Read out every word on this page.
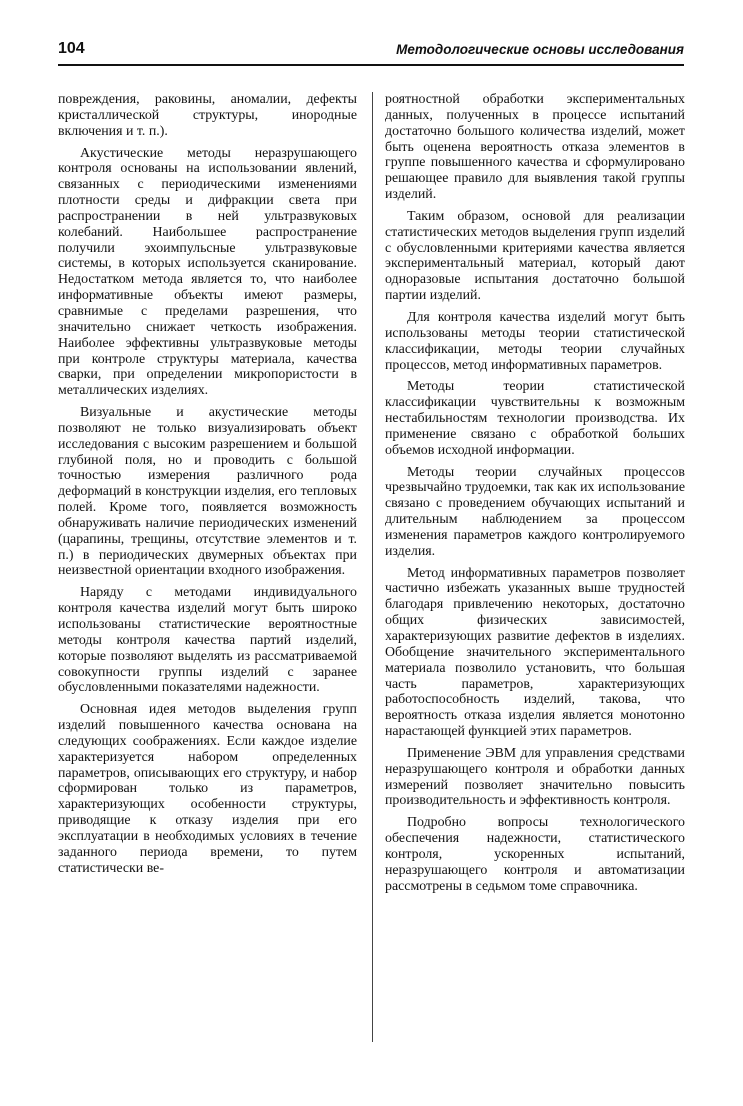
104	Методологические основы исследования

повреждения, раковины, аномалии, дефекты кристаллической структуры, инородные включения и т. п.).

Акустические методы неразрушающего контроля основаны на использовании явлений, связанных с периодическими изменениями плотности среды и дифракции света при распространении в ней ультразвуковых колебаний. Наибольшее распространение получили эхоимпульсные ультразвуковые системы, в которых используется сканирование. Недостатком метода является то, что наиболее информативные объекты имеют размеры, сравнимые с пределами разрешения, что значительно снижает четкость изображения. Наиболее эффективны ультразвуковые методы при контроле структуры материала, качества сварки, при определении микропористости в металлических изделиях.

Визуальные и акустические методы позволяют не только визуализировать объект исследования с высоким разрешением и большой глубиной поля, но и проводить с большой точностью измерения различного рода деформаций в конструкции изделия, его тепловых полей. Кроме того, появляется возможность обнаруживать наличие периодических изменений (царапины, трещины, отсутствие элементов и т. п.) в периодических двумерных объектах при неизвестной ориентации входного изображения.

Наряду с методами индивидуального контроля качества изделий могут быть широко использованы статистические вероятностные методы контроля качества партий изделий, которые позволяют выделять из рассматриваемой совокупности группы изделий с заранее обусловленными показателями надежности.

Основная идея методов выделения групп изделий повышенного качества основана на следующих соображениях. Если каждое изделие характеризуется набором определенных параметров, описывающих его структуру, и набор сформирован только из параметров, характеризующих особенности структуры, приводящие к отказу изделия при его эксплуатации в необходимых условиях в течение заданного периода времени, то путем статистически ве-

роятностной обработки экспериментальных данных, полученных в процессе испытаний достаточно большого количества изделий, может быть оценена вероятность отказа элементов в группе повышенного качества и сформулировано решающее правило для выявления такой группы изделий.

Таким образом, основой для реализации статистических методов выделения групп изделий с обусловленными критериями качества является экспериментальный материал, который дают одноразовые испытания достаточно большой партии изделий.

Для контроля качества изделий могут быть использованы методы теории статистической классификации, методы теории случайных процессов, метод информативных параметров.

Методы теории статистической классификации чувствительны к возможным нестабильностям технологии производства. Их применение связано с обработкой больших объемов исходной информации.

Методы теории случайных процессов чрезвычайно трудоемки, так как их использование связано с проведением обучающих испытаний и длительным наблюдением за процессом изменения параметров каждого контролируемого изделия.

Метод информативных параметров позволяет частично избежать указанных выше трудностей благодаря привлечению некоторых, достаточно общих физических зависимостей, характеризующих развитие дефектов в изделиях. Обобщение значительного экспериментального материала позволило установить, что большая часть параметров, характеризующих работоспособность изделий, такова, что вероятность отказа изделия является монотонно нарастающей функцией этих параметров.

Применение ЭВМ для управления средствами неразрушающего контроля и обработки данных измерений позволяет значительно повысить производительность и эффективность контроля.

Подробно вопросы технологического обеспечения надежности, статистического контроля, ускоренных испытаний, неразрушающего контроля и автоматизации рассмотрены в седьмом томе справочника.
